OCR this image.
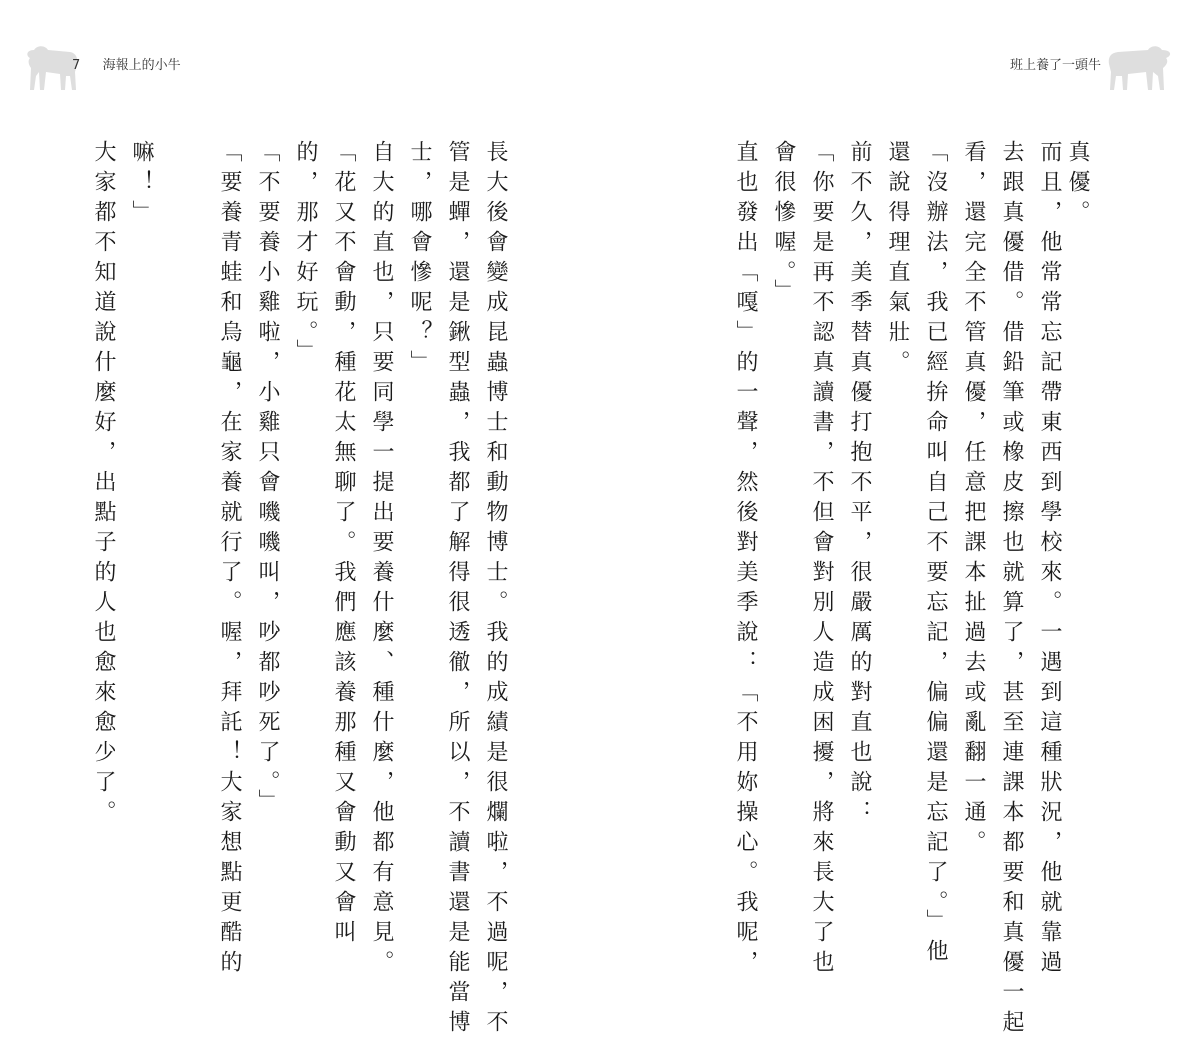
7 海報上的小牛	班上養了一頭牛
真優。
而且，他常常忘記帶東西到學校來。一遇到這種狀況，他就靠過
去跟真優借。借鉛筆或橡皮擦也就算了，甚至連課本都要和真優一起
看，還完全不管真優，任意把課本扯過去或亂翻一通。
「沒辦法，我已經拚命叫自己不要忘記，偏偏還是忘記了。」他
還說得理直氣壯。
前不久，美季替真優打抱不平，很嚴厲的對直也說：
「你要是再不認真讀書，不但會對別人造成困擾，將來長大了也
會很慘喔。」
直也發出「嘎」的一聲，然後對美季說：「不用妳操心。我呢，
長大後會變成昆蟲博士和動物博士。我的成績是很爛啦，不過呢，不
管是蟬，還是鍬型蟲，我都了解得很透徹，所以，不讀書還是能當博
士，哪會慘呢？」
自大的直也，只要同學一提出要養什麼、種什麼，他都有意見。
「花又不會動，種花太無聊了。我們應該養那種又會動又會叫
的，那才好玩。」
「不要養小雞啦，小雞只會嘰嘰叫，吵都吵死了。」
「要養青蛙和烏龜，在家養就行了。喔，拜託！大家想點更酷的
嘛！」
大家都不知道說什麼好，出點子的人也愈來愈少了。
